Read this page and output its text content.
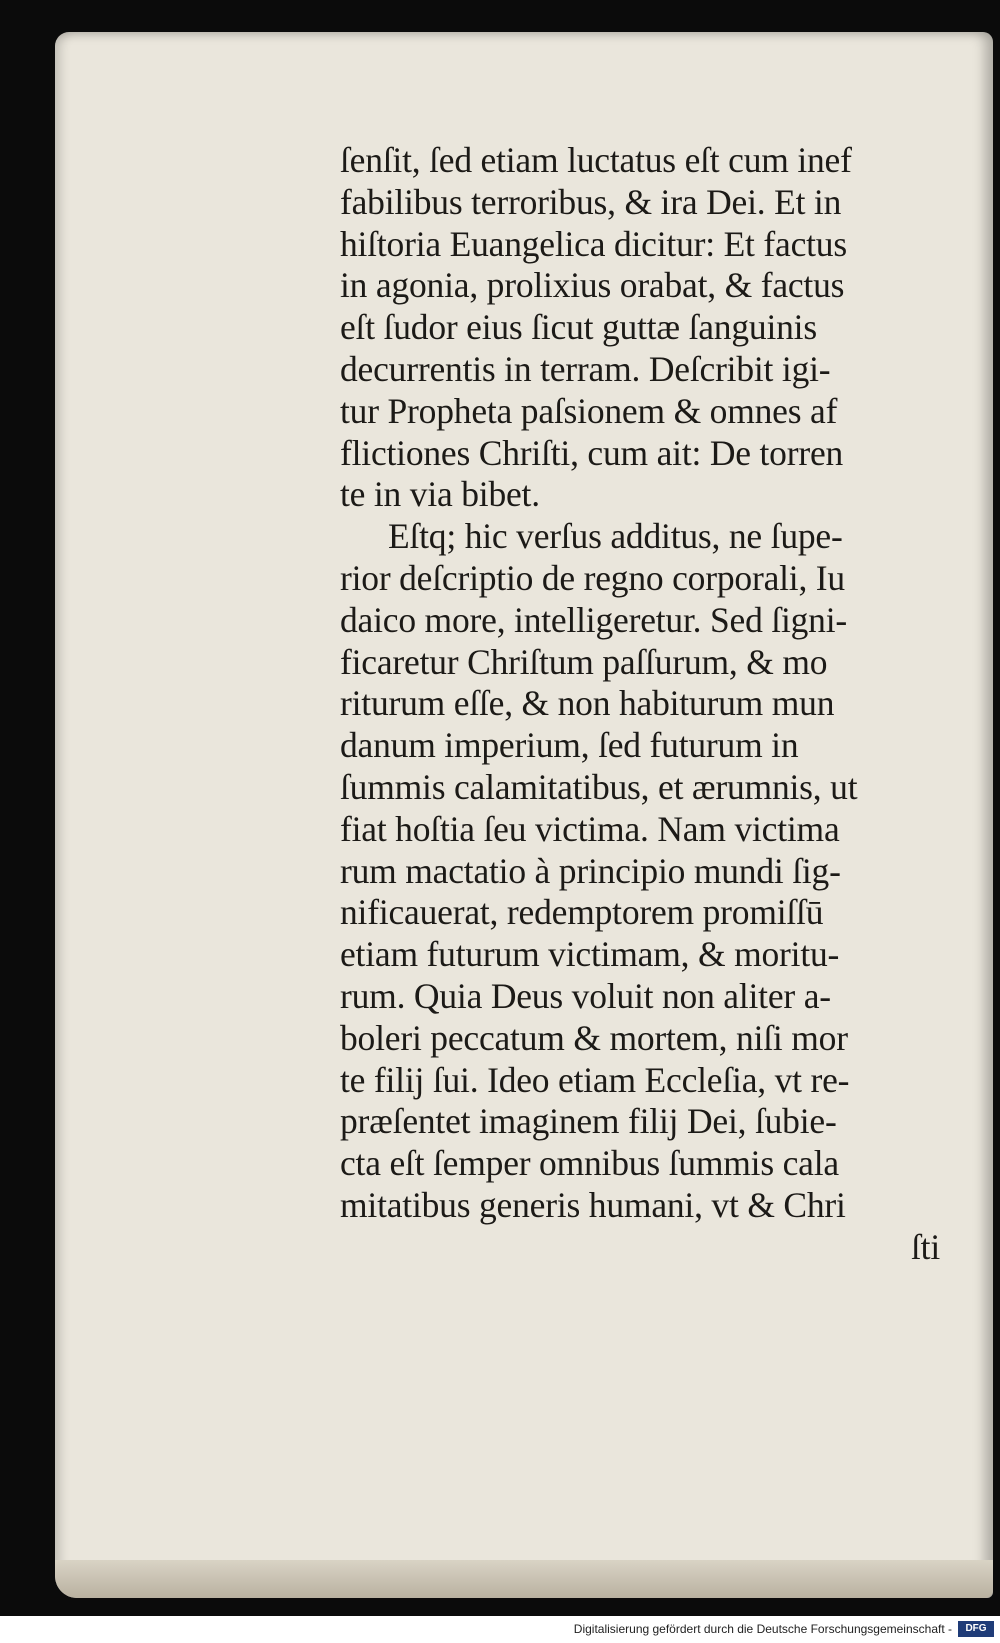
ſenſit, ſed etiam luctatus eſt cum inef
fabilibus terroribus, & ira Dei. Et in
hiſtoria Euangelica dicitur: Et factus
in agonia, prolixius orabat, & factus
eſt ſudor eius ſicut guttæ ſanguinis
decurrentis in terram. Deſcribit igi-
tur Propheta paſsionem & omnes af
flictiones Chriſti, cum ait: De torren
te in via bibet.
Eſtq; hic verſus additus, ne ſupe-
rior deſcriptio de regno corporali, Iu
daico more, intelligeretur. Sed ſigni-
ficaretur Chriſtum paſſurum, & mo
riturum eſſe, & non habiturum mun
danum imperium, ſed futurum in
ſummis calamitatibus, et ærumnis, ut
fiat hoſtia ſeu victima. Nam victima
rum mactatio à principio mundi ſig-
nificauerat, redemptorem promiſſū
etiam futurum victimam, & moritu-
rum. Quia Deus voluit non aliter a-
boleri peccatum & mortem, niſi mor
te filij ſui. Ideo etiam Eccleſia, vt re-
præſentet imaginem filij Dei, ſubie-
cta eſt ſemper omnibus ſummis cala
mitatibus generis humani, vt & Chri
ſti
Digitalisierung gefördert durch die Deutsche Forschungsgemeinschaft -	DFG
